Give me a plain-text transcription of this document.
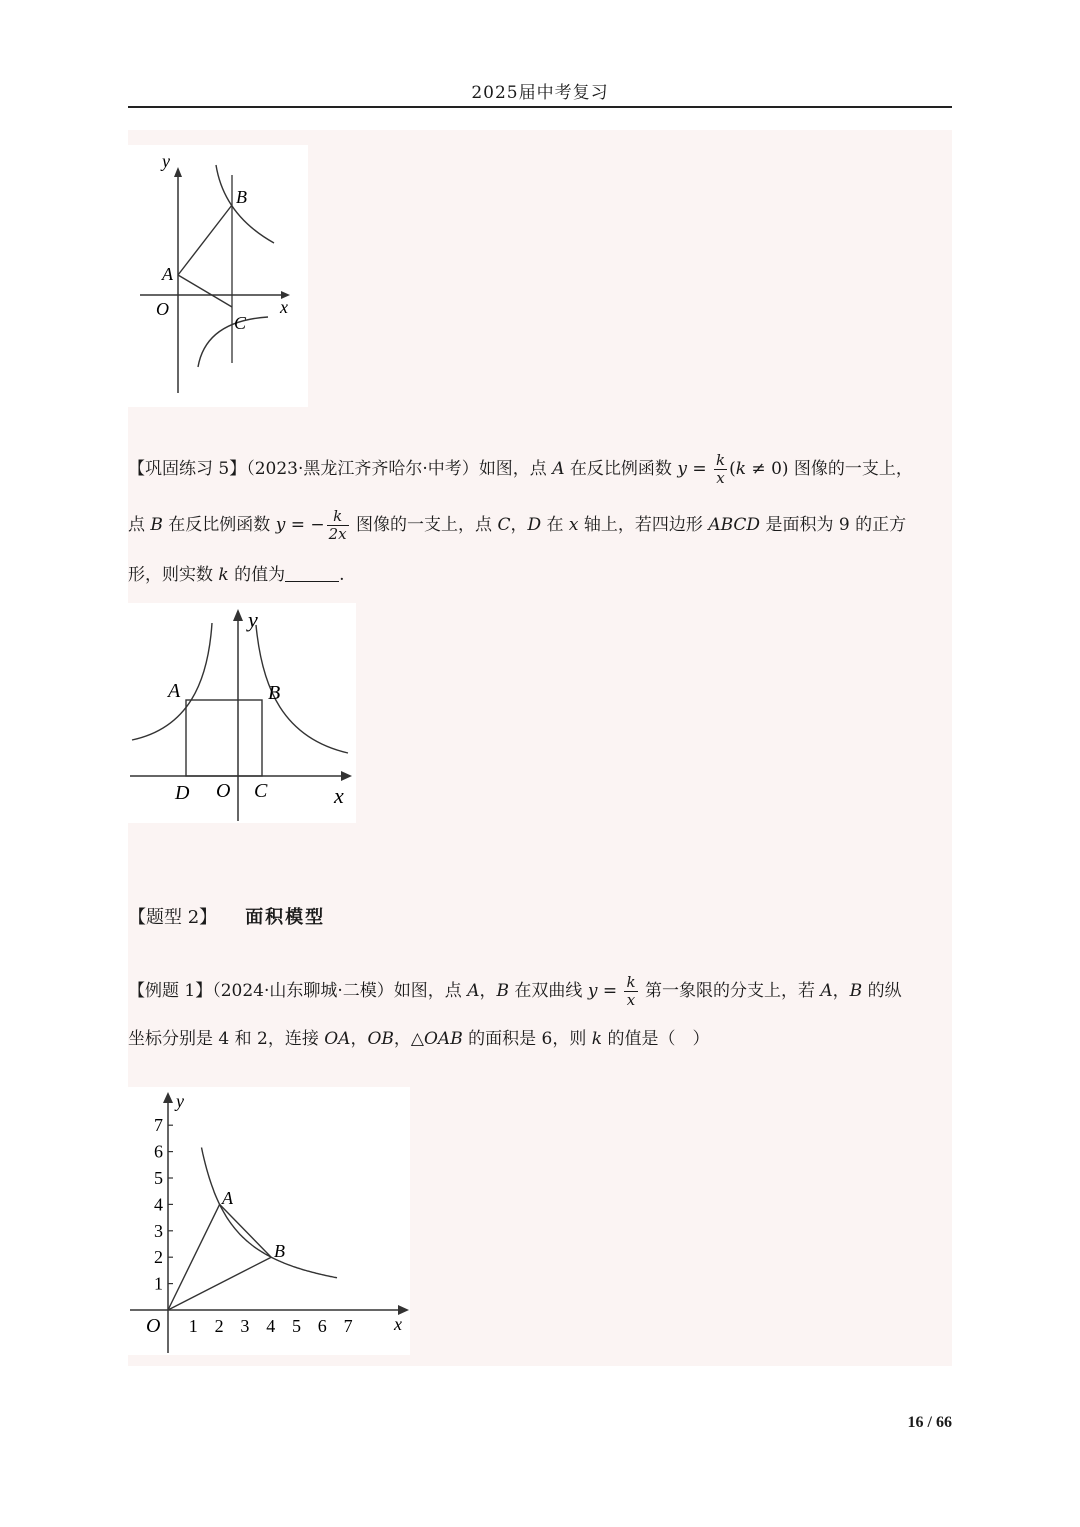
2025届中考复习
y
x
O
A
B
C
【巩固练习 5】（2023·黑龙江齐齐哈尔·中考）如图，点 A 在反比例函数 $y = \frac{k}{x} (k \ne 0)$ 图像的一支上，
点 B 在反比例函数 y = − $\frac{k}{2x}$ 图像的一支上，点 C，D 在 x 轴上，若四边形 ABCD 是面积为 9 的正方
形，则实数 k 的值为	.
y
x
A	B
C
D O
【题型 2】 面积模型
【例题 1】（2024·山东聊城·二模）如图，点 A，B 在双曲线 $y = \frac{k}{x}$ 第一象限的分支上，若 A，B 的纵
坐标分别是 4 和 2，连接 OA，OB，△OAB 的面积是 6，则 k 的值是（　）
1 2 3 4 5 6 7
1
2
3
4
5
6
7
y
x
O
A
B
16 / 66
